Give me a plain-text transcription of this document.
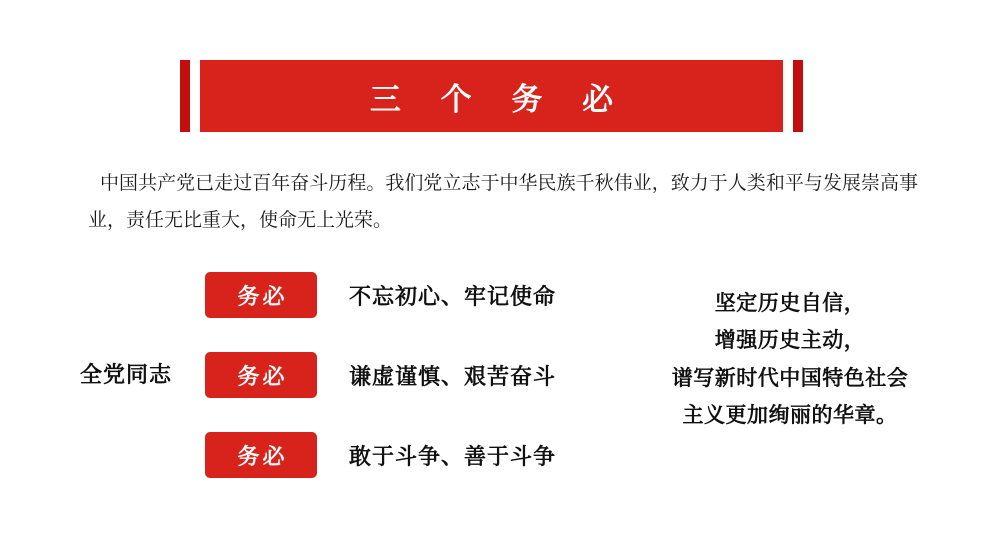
三 个 务 必
中国共产党已走过百年奋斗历程。我们党立志于中华民族千秋伟业，致力于人类和平与发展崇高事业，责任无比重大，使命无上光荣。
全党同志
务必	不忘初心、牢记使命
务必	谦虚谨慎、艰苦奋斗
务必	敢于斗争、善于斗争
坚定历史自信，
增强历史主动，
谱写新时代中国特色社会
主义更加绚丽的华章。
